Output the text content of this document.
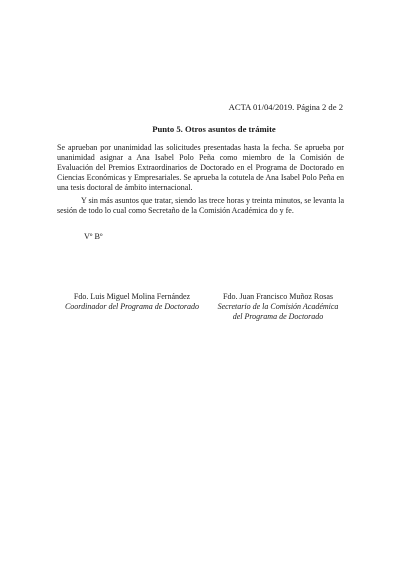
ACTA 01/04/2019. Página 2 de 2
Punto 5. Otros asuntos de trámite
Se aprueban por unanimidad las solicitudes presentadas hasta la fecha. Se aprueba por unanimidad asignar a Ana Isabel Polo Peña como miembro de la Comisión de Evaluación del Premios Extraordinarios de Doctorado en el Programa de Doctorado en Ciencias Económicas y Empresariales. Se aprueba la cotutela de Ana Isabel Polo Peña en una tesis doctoral de ámbito internacional.
Y sin más asuntos que tratar, siendo las trece horas y treinta minutos, se levanta la sesión de todo lo cual como Secretaño de la Comisión Académica do y fe.
Vº Bº
Fdo. Luis Miguel Molina Fernández
Coordinador del Programa de Doctorado
Fdo. Juan Francisco Muñoz Rosas
Secretario de la Comisión Académica
del Programa de Doctorado
